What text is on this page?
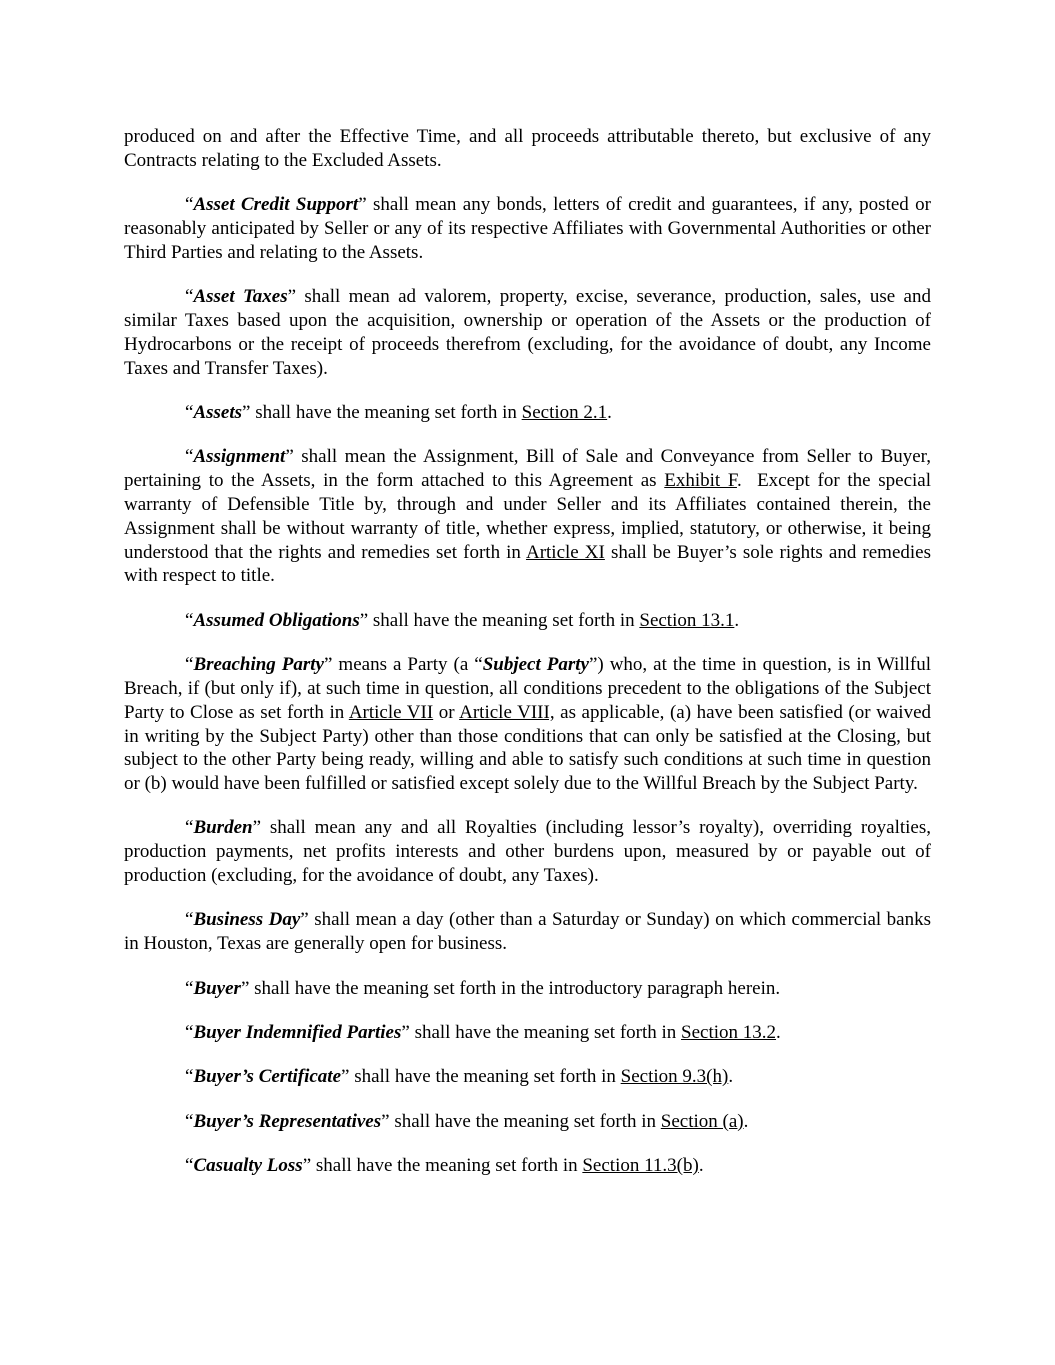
produced on and after the Effective Time, and all proceeds attributable thereto, but exclusive of any Contracts relating to the Excluded Assets.
“Asset Credit Support” shall mean any bonds, letters of credit and guarantees, if any, posted or reasonably anticipated by Seller or any of its respective Affiliates with Governmental Authorities or other Third Parties and relating to the Assets.
“Asset Taxes” shall mean ad valorem, property, excise, severance, production, sales, use and similar Taxes based upon the acquisition, ownership or operation of the Assets or the production of Hydrocarbons or the receipt of proceeds therefrom (excluding, for the avoidance of doubt, any Income Taxes and Transfer Taxes).
“Assets” shall have the meaning set forth in Section 2.1.
“Assignment” shall mean the Assignment, Bill of Sale and Conveyance from Seller to Buyer, pertaining to the Assets, in the form attached to this Agreement as Exhibit F.  Except for the special warranty of Defensible Title by, through and under Seller and its Affiliates contained therein, the Assignment shall be without warranty of title, whether express, implied, statutory, or otherwise, it being understood that the rights and remedies set forth in Article XI shall be Buyer’s sole rights and remedies with respect to title.
“Assumed Obligations” shall have the meaning set forth in Section 13.1.
“Breaching Party” means a Party (a “Subject Party”) who, at the time in question, is in Willful Breach, if (but only if), at such time in question, all conditions precedent to the obligations of the Subject Party to Close as set forth in Article VII or Article VIII, as applicable, (a) have been satisfied (or waived in writing by the Subject Party) other than those conditions that can only be satisfied at the Closing, but subject to the other Party being ready, willing and able to satisfy such conditions at such time in question or (b) would have been fulfilled or satisfied except solely due to the Willful Breach by the Subject Party.
“Burden” shall mean any and all Royalties (including lessor’s royalty), overriding royalties, production payments, net profits interests and other burdens upon, measured by or payable out of production (excluding, for the avoidance of doubt, any Taxes).
“Business Day” shall mean a day (other than a Saturday or Sunday) on which commercial banks in Houston, Texas are generally open for business.
“Buyer” shall have the meaning set forth in the introductory paragraph herein.
“Buyer Indemnified Parties” shall have the meaning set forth in Section 13.2.
“Buyer’s Certificate” shall have the meaning set forth in Section 9.3(h).
“Buyer’s Representatives” shall have the meaning set forth in Section (a).
“Casualty Loss” shall have the meaning set forth in Section 11.3(b).
